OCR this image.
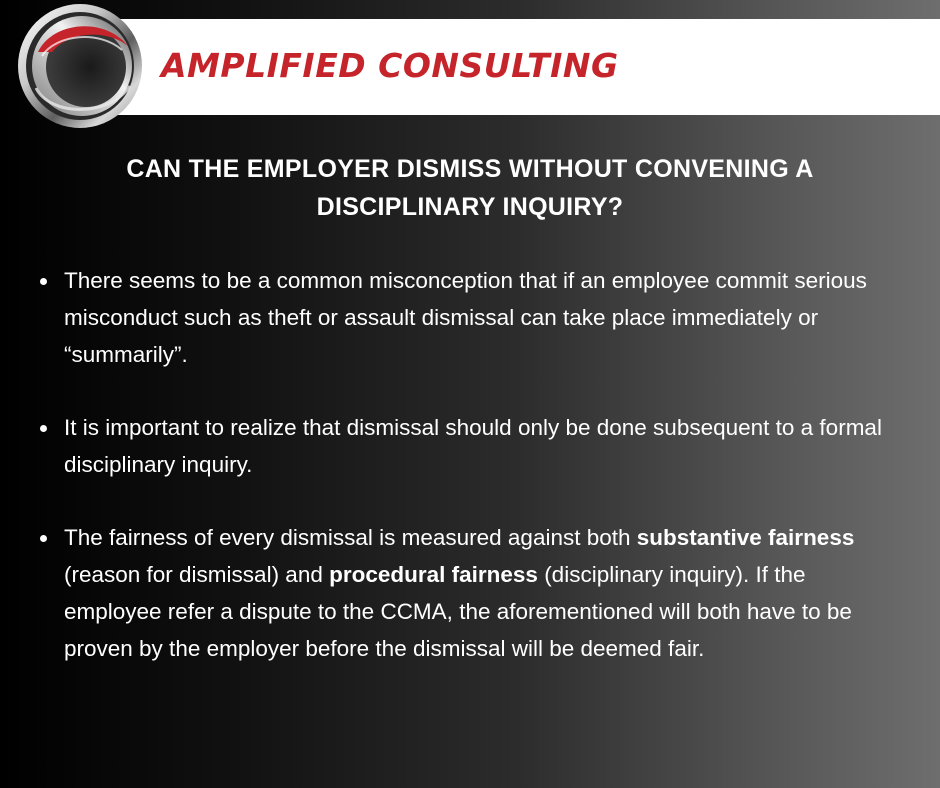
AMPLIFIED CONSULTING
CAN THE EMPLOYER DISMISS WITHOUT CONVENING A
DISCIPLINARY INQUIRY?
There seems to be a common misconception that if an employee commit serious misconduct such as theft or assault dismissal can take place immediately or “summarily”.
It is important to realize that dismissal should only be done subsequent to a formal disciplinary inquiry.
The fairness of every dismissal is measured against both substantive fairness (reason for dismissal) and procedural fairness (disciplinary inquiry). If the employee refer a dispute to the CCMA, the aforementioned will both have to be proven by the employer before the dismissal will be deemed fair.
